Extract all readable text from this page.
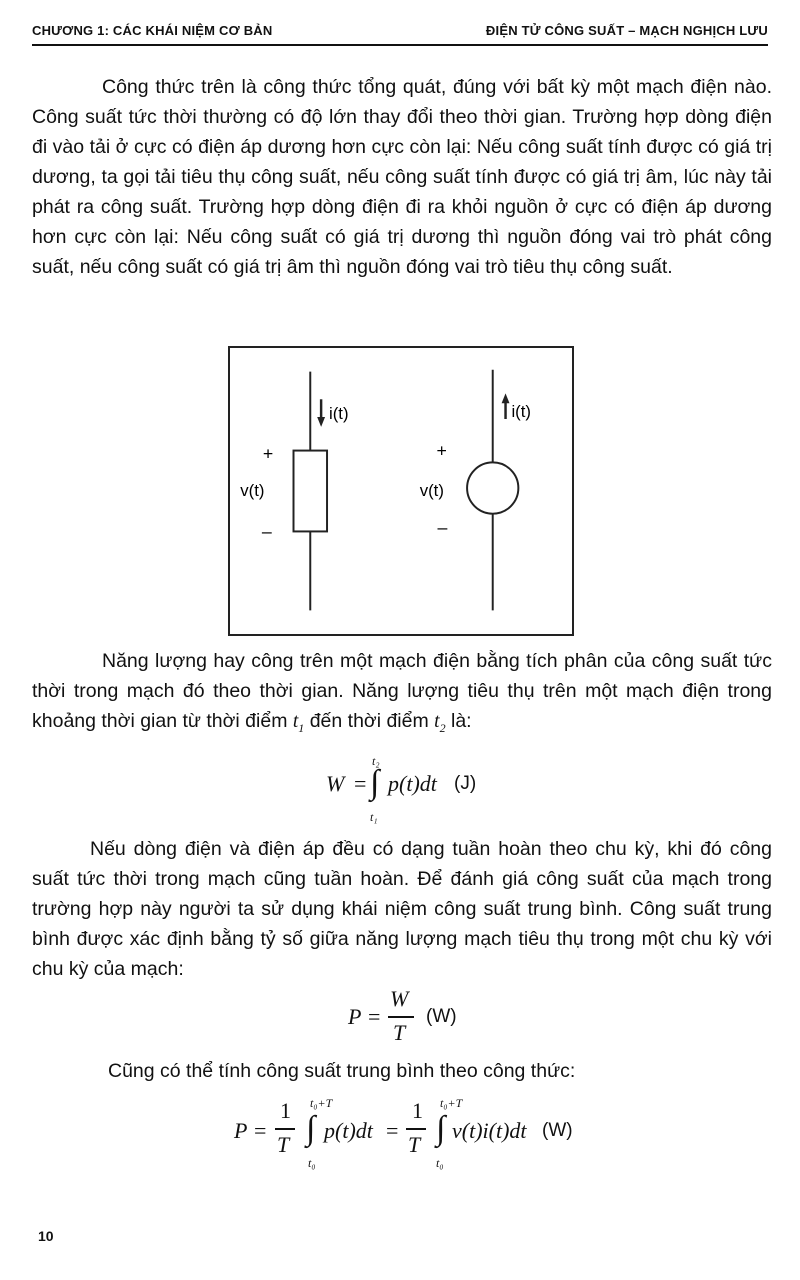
CHƯƠNG 1: CÁC KHÁI NIỆM CƠ BẢN	ĐIỆN TỬ CÔNG SUẤT – MẠCH NGHỊCH LƯU

Công thức trên là công thức tổng quát, đúng với bất kỳ một mạch điện nào. Công suất tức thời thường có độ lớn thay đổi theo thời gian. Trường hợp dòng điện đi vào tải ở cực có điện áp dương hơn cực còn lại: Nếu công suất tính được có giá trị dương, ta gọi tải tiêu thụ công suất, nếu công suất tính được có giá trị âm, lúc này tải phát ra công suất. Trường hợp dòng điện đi ra khỏi nguồn ở cực có điện áp dương hơn cực còn lại: Nếu công suất có giá trị dương thì nguồn đóng vai trò phát công suất, nếu công suất có giá trị âm thì nguồn đóng vai trò tiêu thụ công suất.

i(t)
+
v(t)
–
i(t)
+
v(t)
–

Năng lượng hay công trên một mạch điện bằng tích phân của công suất tức thời trong mạch đó theo thời gian. Năng lượng tiêu thụ trên một mạch điện trong khoảng thời gian từ thời điểm $t_1$ đến thời điểm $t_2$ là:

W =
t₂
∫
t₁
p(t)dt (J)

Nếu dòng điện và điện áp đều có dạng tuần hoàn theo chu kỳ, khi đó công suất tức thời trong mạch cũng tuần hoàn. Để đánh giá công suất của mạch trong trường hợp này người ta sử dụng khái niệm công suất trung bình. Công suất trung bình được xác định bằng tỷ số giữa năng lượng mạch tiêu thụ trong một chu kỳ với chu kỳ của mạch:

P =
W
T
(W)
Cũng có thể tính công suất trung bình theo công thức:
P =
1
T
t₀+T
∫
t₀
p(t)dt =
1
T
t₀+T
∫
t₀
v(t)i(t)dt (W)
10
